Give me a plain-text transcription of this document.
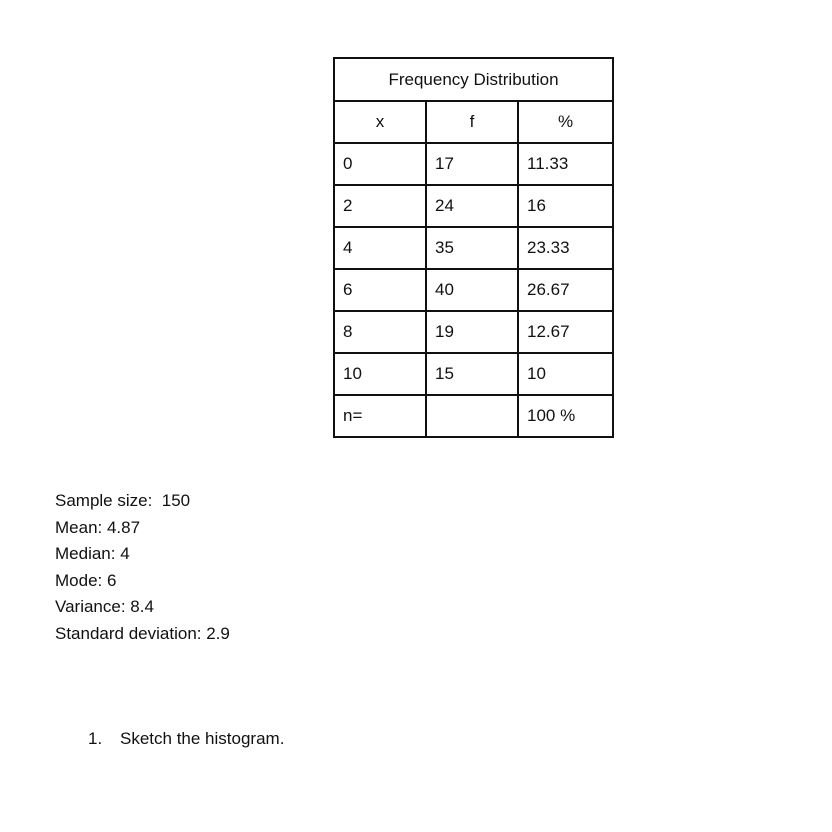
Frequency Distribution		
x	f	%
0	17	11.33
2	24	16
4	35	23.33
6	40	26.67
8	19	12.67
10	15	10
n=		100 %
Sample size:  150
Mean: 4.87
Median: 4
Mode: 6
Variance: 8.4
Standard deviation: 2.9
1. Sketch the histogram.
